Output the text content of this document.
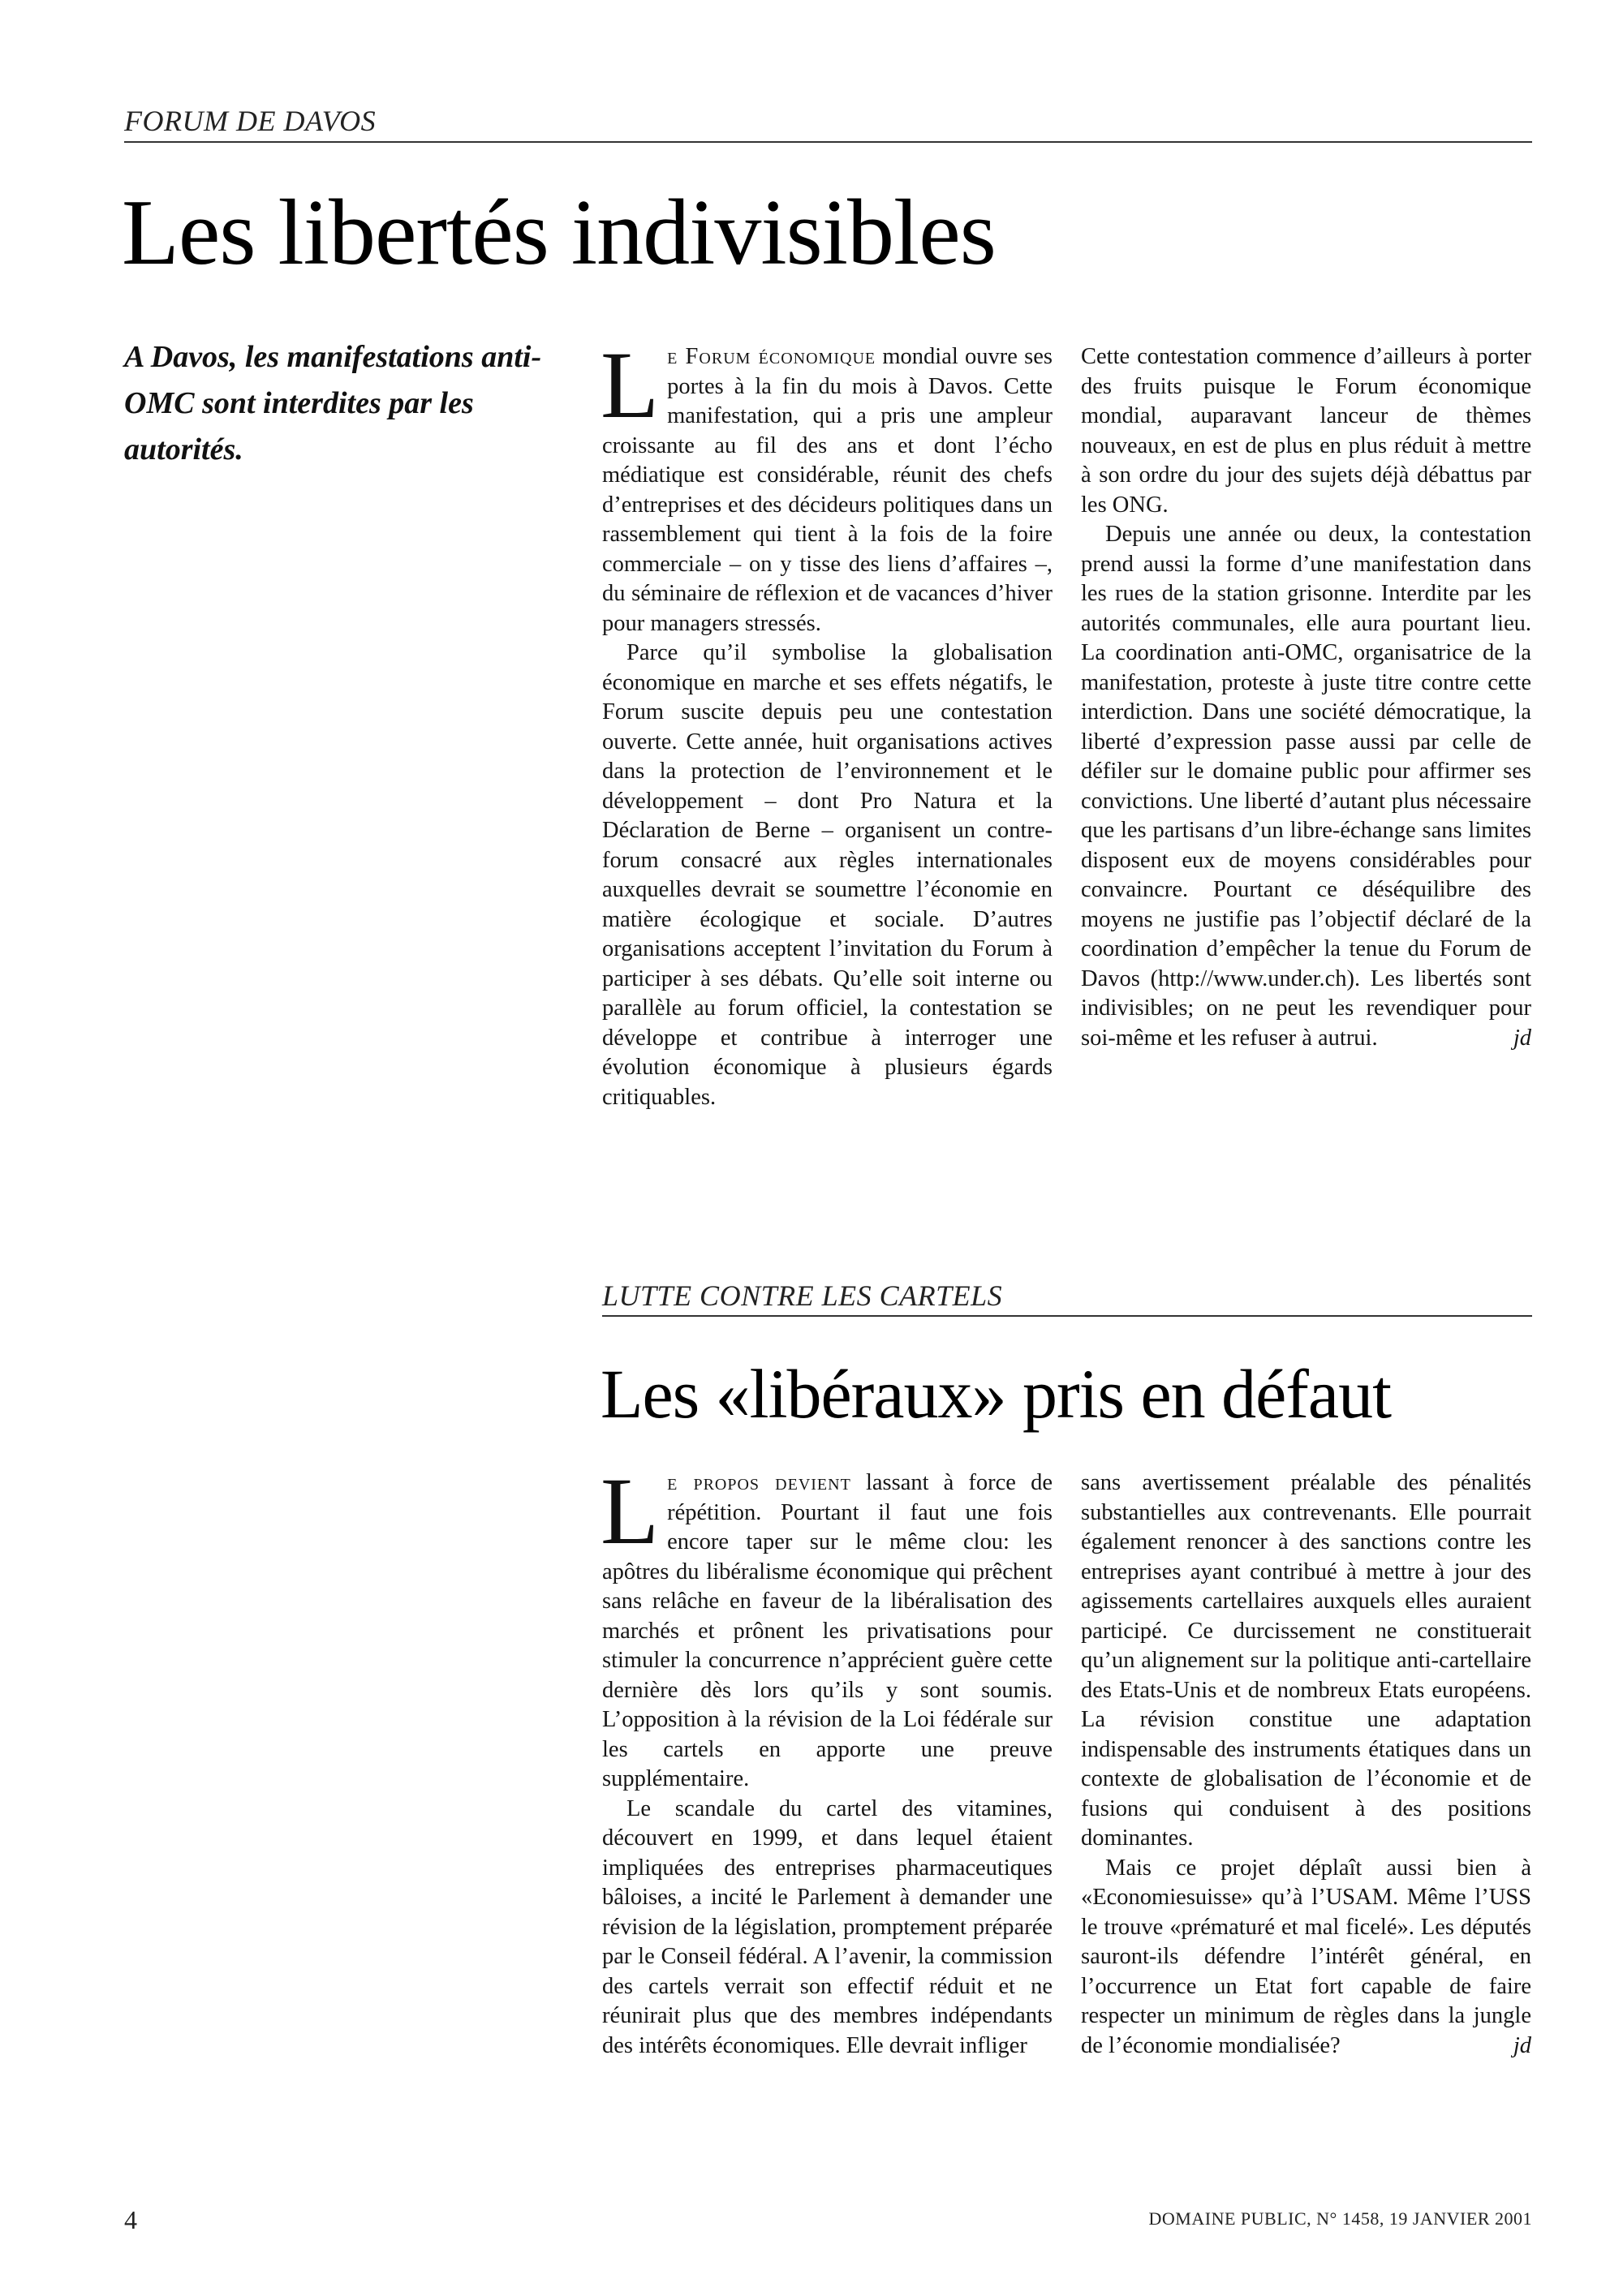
FORUM DE DAVOS
Les libertés indivisibles
A Davos, les manifestations anti-OMC sont interdites par les autorités.

Le Forum économique mondial ouvre ses portes à la fin du mois à Davos. Cette manifestation, qui a pris une ampleur croissante au fil des ans et dont l’écho médiatique est considérable, réunit des chefs d’entreprises et des décideurs politiques dans un rassemblement qui tient à la fois de la foire commerciale – on y tisse des liens d’affaires –, du séminaire de réflexion et de vacances d’hiver pour managers stressés.

Parce qu’il symbolise la globalisation économique en marche et ses effets négatifs, le Forum suscite depuis peu une contestation ouverte. Cette année, huit organisations actives dans la protection de l’environnement et le développement – dont Pro Natura et la Déclaration de Berne – organisent un contre-forum consacré aux règles internationales auxquelles devrait se soumettre l’économie en matière écologique et sociale. D’autres organisations acceptent l’invitation du Forum à participer à ses débats. Qu’elle soit interne ou parallèle au forum officiel, la contestation se développe et contribue à interroger une évolution économique à plusieurs égards critiquables.

Cette contestation commence d’ailleurs à porter des fruits puisque le Forum économique mondial, auparavant lanceur de thèmes nouveaux, en est de plus en plus réduit à mettre à son ordre du jour des sujets déjà débattus par les ONG.

Depuis une année ou deux, la contestation prend aussi la forme d’une manifestation dans les rues de la station grisonne. Interdite par les autorités communales, elle aura pourtant lieu. La coordination anti-OMC, organisatrice de la manifestation, proteste à juste titre contre cette interdiction. Dans une société démocratique, la liberté d’expression passe aussi par celle de défiler sur le domaine public pour affirmer ses convictions. Une liberté d’autant plus nécessaire que les partisans d’un libre-échange sans limites disposent eux de moyens considérables pour convaincre. Pourtant ce déséquilibre des moyens ne justifie pas l’objectif déclaré de la coordination d’empêcher la tenue du Forum de Davos (http://www.under.ch). Les libertés sont indivisibles; on ne peut les revendiquer pour soi-même et les refuser à autrui.	jd

LUTTE CONTRE LES CARTELS
Les «libéraux» pris en défaut

Le propos devient lassant à force de répétition. Pourtant il faut une fois encore taper sur le même clou: les apôtres du libéralisme économique qui prêchent sans relâche en faveur de la libéralisation des marchés et prônent les privatisations pour stimuler la concurrence n’apprécient guère cette dernière dès lors qu’ils y sont soumis. L’opposition à la révision de la Loi fédérale sur les cartels en apporte une preuve supplémentaire.

Le scandale du cartel des vitamines, découvert en 1999, et dans lequel étaient impliquées des entreprises pharmaceutiques bâloises, a incité le Parlement à demander une révision de la législation, promptement préparée par le Conseil fédéral. A l’avenir, la commission des cartels verrait son effectif réduit et ne réunirait plus que des membres indépendants des intérêts économiques. Elle devrait infliger

sans avertissement préalable des pénalités substantielles aux contrevenants. Elle pourrait également renoncer à des sanctions contre les entreprises ayant contribué à mettre à jour des agissements cartellaires auxquels elles auraient participé. Ce durcissement ne constituerait qu’un alignement sur la politique anti-cartellaire des Etats-Unis et de nombreux Etats européens. La révision constitue une adaptation indispensable des instruments étatiques dans un contexte de globalisation de l’économie et de fusions qui conduisent à des positions dominantes.

Mais ce projet déplaît aussi bien à «Economiesuisse» qu’à l’USAM. Même l’USS le trouve «prématuré et mal ficelé». Les députés sauront-ils défendre l’intérêt général, en l’occurrence un Etat fort capable de faire respecter un minimum de règles dans la jungle de l’économie mondialisée?	jd

4	DOMAINE PUBLIC, N° 1458, 19 JANVIER 2001
